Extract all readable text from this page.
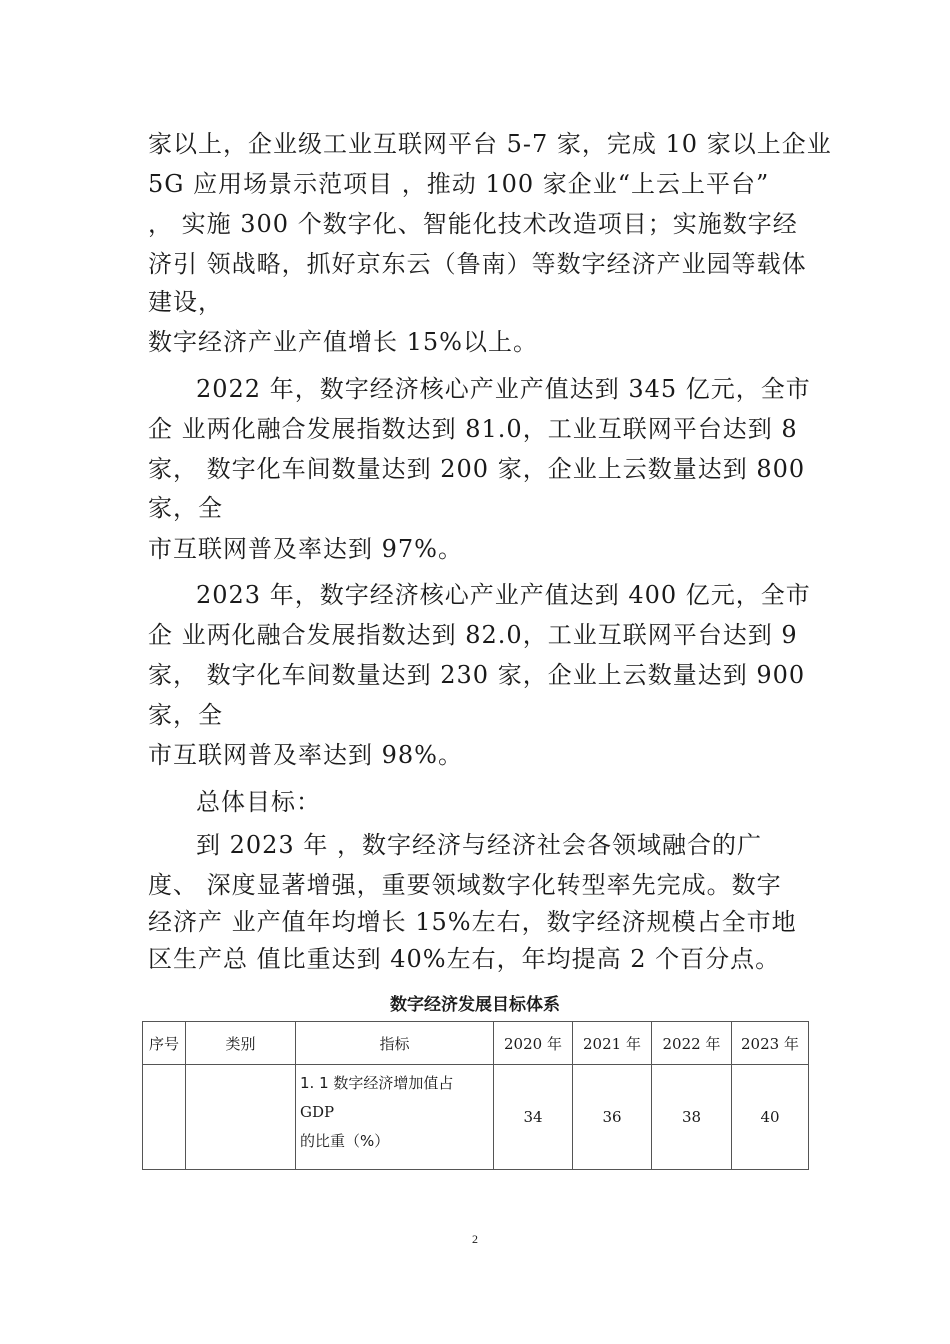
家以上，企业级工业互联网平台 5-7 家，完成 10 家以上企业

5G 应用场景示范项目 ，推动 100 家企业“上云上平台”

， 实施 300 个数字化、智能化技术改造项目；实施数字经

济引 领战略，抓好京东云（鲁南）等数字经济产业园等载体

建设，

数字经济产业产值增长 15%以上。

2022 年，数字经济核心产业产值达到 345 亿元，全市

企 业两化融合发展指数达到 81.0，工业互联网平台达到 8

家， 数字化车间数量达到 200 家，企业上云数量达到 800

家，全

市互联网普及率达到 97%。

2023 年，数字经济核心产业产值达到 400 亿元，全市

企 业两化融合发展指数达到 82.0，工业互联网平台达到 9

家， 数字化车间数量达到 230 家，企业上云数量达到 900

家，全

市互联网普及率达到 98%。

总体目标：

到 2023 年 ，数字经济与经济社会各领域融合的广

度、 深度显著增强，重要领域数字化转型率先完成。数字

经济产 业产值年均增长 15%左右，数字经济规模占全市地

区生产总 值比重达到 40%左右，年均提高 2 个百分点。

数字经济发展目标体系
序号	类别	指标	2020 年	2021 年	2022 年	2023 年

		1. 1 数字经济增加值占
GDP
的比重（%）	34	36	38	40
2
